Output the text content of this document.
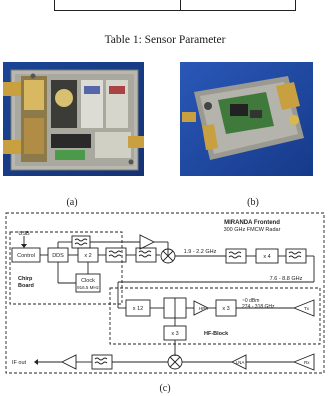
Table 1: Sensor Parameter
(a)	(b)
USB
Control	DDS	x 2
1.9 - 2.2 GHz
x 4
Clock
916.5 MHz
Chirp
Board
7.6 - 8.8 GHz
x 12	HPA	x 3
~0 dBm
274 - 318 GHz	Tx
x 3	HF-Block
IF out	LNA	Rx
MIRANDA Frontend
300 GHz FMCW Radar
(c)
